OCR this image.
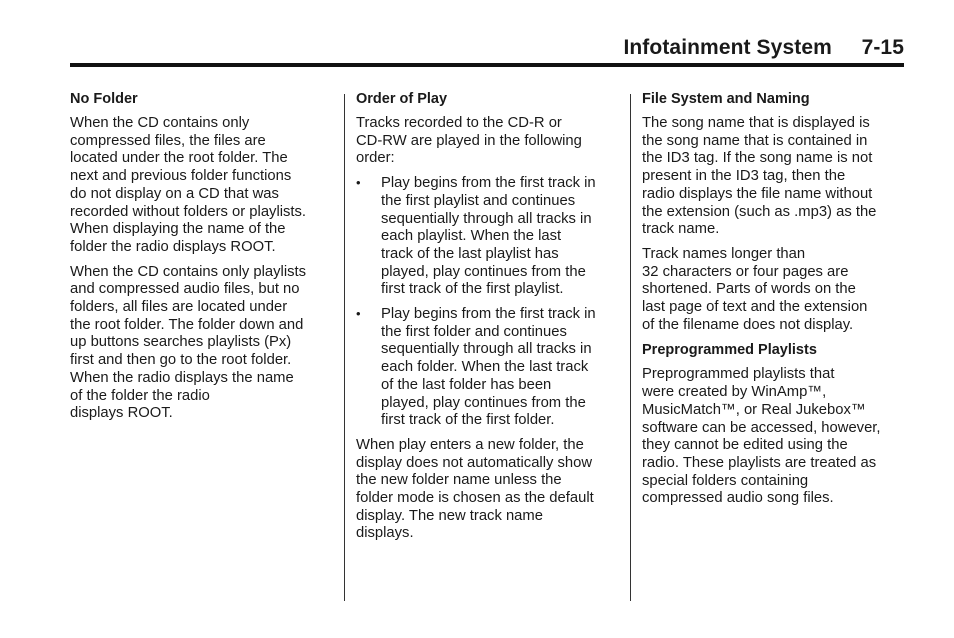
Infotainment System 7-15
No Folder

When the CD contains only
compressed files, the files are
located under the root folder. The
next and previous folder functions
do not display on a CD that was
recorded without folders or playlists.
When displaying the name of the
folder the radio displays ROOT.

When the CD contains only playlists
and compressed audio files, but no
folders, all files are located under
the root folder. The folder down and
up buttons searches playlists (Px)
first and then go to the root folder.
When the radio displays the name
of the folder the radio
displays ROOT.

Order of Play

Tracks recorded to the CD-R or
CD-RW are played in the following
order:

• Play begins from the first track in
the first playlist and continues
sequentially through all tracks in
each playlist. When the last
track of the last playlist has
played, play continues from the
first track of the first playlist.
• Play begins from the first track in
the first folder and continues
sequentially through all tracks in
each folder. When the last track
of the last folder has been
played, play continues from the
first track of the first folder.

When play enters a new folder, the
display does not automatically show
the new folder name unless the
folder mode is chosen as the default
display. The new track name
displays.

File System and Naming

The song name that is displayed is
the song name that is contained in
the ID3 tag. If the song name is not
present in the ID3 tag, then the
radio displays the file name without
the extension (such as .mp3) as the
track name.

Track names longer than
32 characters or four pages are
shortened. Parts of words on the
last page of text and the extension
of the filename does not display.

Preprogrammed Playlists

Preprogrammed playlists that
were created by WinAmp™,
MusicMatch™, or Real Jukebox™
software can be accessed, however,
they cannot be edited using the
radio. These playlists are treated as
special folders containing
compressed audio song files.
